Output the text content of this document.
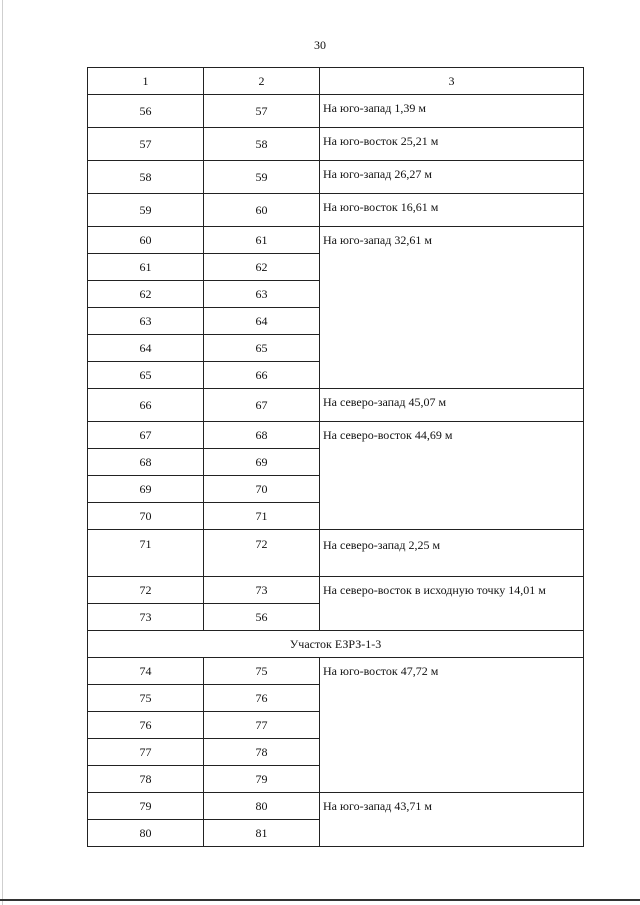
30
1	2	3
56	57	На юго-запад 1,39 м
57	58	На юго-восток 25,21 м
58	59	На юго-запад 26,27 м
59	60	На юго-восток 16,61 м
60	61	На юго-запад 32,61 м
61	62	
62	63	
63	64	
64	65	
65	66	
66	67	На северо-запад 45,07 м
67	68	На северо-восток 44,69 м
68	69	
69	70	
70	71	
71	72	На северо-запад 2,25 м
72	73	На северо-восток в исходную точку 14,01 м
73	56	
Участок ЕЗРЗ-1-3		
74	75	На юго-восток 47,72 м
75	76	
76	77	
77	78	
78	79	
79	80	На юго-запад 43,71 м
80	81	
